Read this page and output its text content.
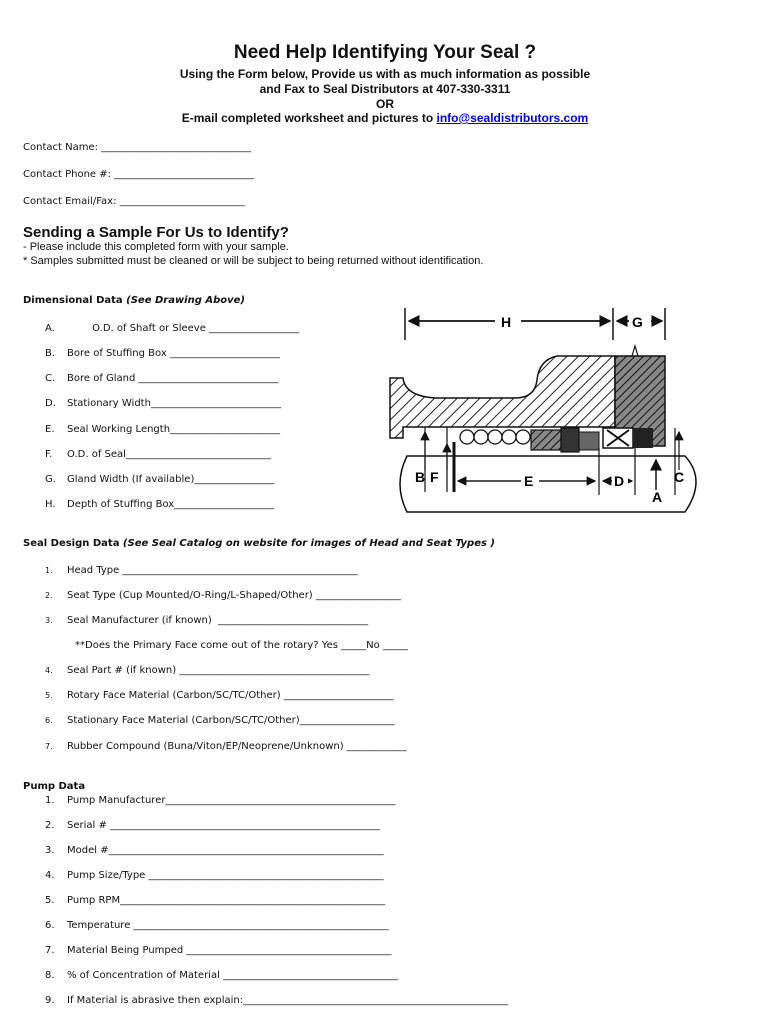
Need Help Identifying Your Seal ?
Using the Form below, Provide us with as much information as possible
and Fax to Seal Distributors at 407-330-3311
OR
E-mail completed worksheet and pictures to info@sealdistributors.com
Contact Name: ______________________________
Contact Phone #: ____________________________
Contact Email/Fax: _________________________
Sending a Sample For Us to Identify?
- Please include this completed form with your sample.
* Samples submitted must be cleaned or will be subject to being returned without identification.
Dimensional Data (See Drawing Above)
A.	O.D. of Shaft or Sleeve __________________
B. Bore of Stuffing Box ______________________
C. Bore of Gland ____________________________
D. Stationary Width__________________________
E. Seal Working Length______________________
F. O.D. of Seal_____________________________
G. Gland Width (If available)________________
H. Depth of Stuffing Box____________________
H	G
B F	E	D
A
C
Seal Design Data (See Seal Catalog on website for images of Head and Seat Types )
1. Head Type _______________________________________________
2. Seat Type (Cup Mounted/O-Ring/L-Shaped/Other) _________________
3. Seal Manufacturer (if known)  ______________________________
**Does the Primary Face come out of the rotary? Yes _____No _____
4. Seal Part # (if known) ______________________________________
5. Rotary Face Material (Carbon/SC/TC/Other) ______________________
6. Stationary Face Material (Carbon/SC/TC/Other)___________________
7. Rubber Compound (Buna/Viton/EP/Neoprene/Unknown) ____________
Pump Data
1. Pump Manufacturer______________________________________________
2. Serial # ______________________________________________________
3. Model #_______________________________________________________
4. Pump Size/Type _______________________________________________
5. Pump RPM_____________________________________________________
6. Temperature ___________________________________________________
7. Material Being Pumped _________________________________________
8. % of Concentration of Material ___________________________________
9. If Material is abrasive then explain:_____________________________________________________
